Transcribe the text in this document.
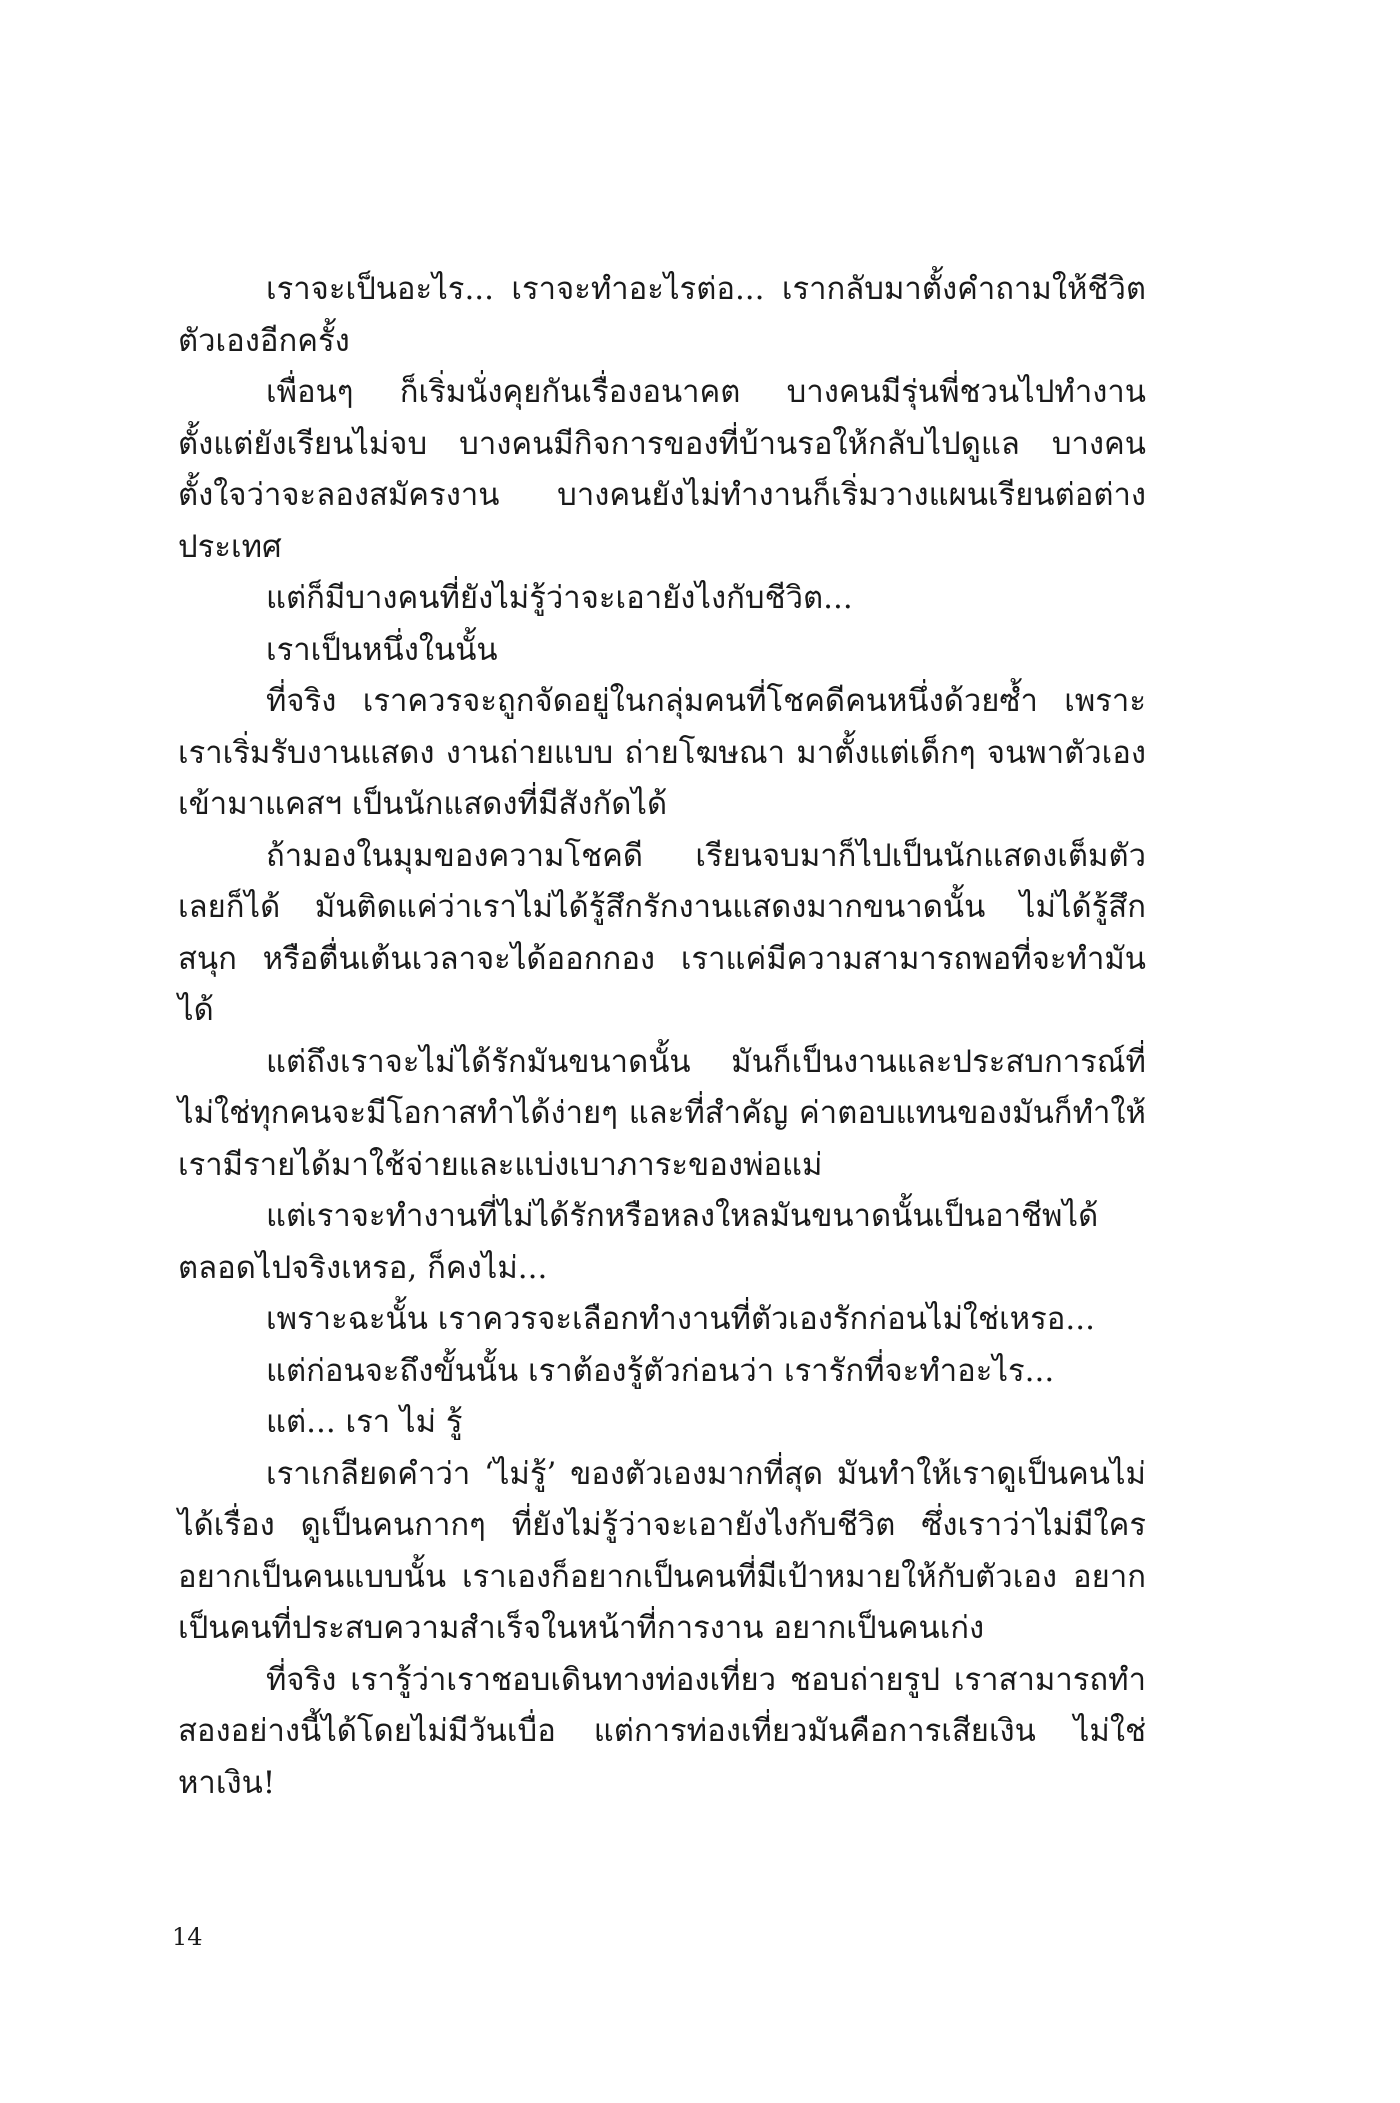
เราจะเป็นอะไร... เราจะทำอะไรต่อ... เรากลับมาตั้งคำถามให้ชีวิตตัวเองอีกครั้ง

เพื่อนๆ ก็เริ่มนั่งคุยกันเรื่องอนาคต บางคนมีรุ่นพี่ชวนไปทำงานตั้งแต่ยังเรียนไม่จบ บางคนมีกิจการของที่บ้านรอให้กลับไปดูแล บางคนตั้งใจว่าจะลองสมัครงาน บางคนยังไม่ทำงานก็เริ่มวางแผนเรียนต่อต่างประเทศ

แต่ก็มีบางคนที่ยังไม่รู้ว่าจะเอายังไงกับชีวิต...

เราเป็นหนึ่งในนั้น

ที่จริง เราควรจะถูกจัดอยู่ในกลุ่มคนที่โชคดีคนหนึ่งด้วยซ้ำ เพราะเราเริ่มรับงานแสดง งานถ่ายแบบ ถ่ายโฆษณา มาตั้งแต่เด็กๆ จนพาตัวเองเข้ามาแคสฯ เป็นนักแสดงที่มีสังกัดได้

ถ้ามองในมุมของความโชคดี เรียนจบมาก็ไปเป็นนักแสดงเต็มตัวเลยก็ได้ มันติดแค่ว่าเราไม่ได้รู้สึกรักงานแสดงมากขนาดนั้น ไม่ได้รู้สึกสนุก หรือตื่นเต้นเวลาจะได้ออกกอง เราแค่มีความสามารถพอที่จะทำมันได้

แต่ถึงเราจะไม่ได้รักมันขนาดนั้น มันก็เป็นงานและประสบการณ์ที่ไม่ใช่ทุกคนจะมีโอกาสทำได้ง่ายๆ และที่สำคัญ ค่าตอบแทนของมันก็ทำให้เรามีรายได้มาใช้จ่ายและแบ่งเบาภาระของพ่อแม่

แต่เราจะทำงานที่ไม่ได้รักหรือหลงใหลมันขนาดนั้นเป็นอาชีพได้ตลอดไปจริงเหรอ, ก็คงไม่...

เพราะฉะนั้น เราควรจะเลือกทำงานที่ตัวเองรักก่อนไม่ใช่เหรอ...

แต่ก่อนจะถึงขั้นนั้น เราต้องรู้ตัวก่อนว่า เรารักที่จะทำอะไร...

แต่... เรา ไม่ รู้

เราเกลียดคำว่า ‘ไม่รู้’ ของตัวเองมากที่สุด มันทำให้เราดูเป็นคนไม่ได้เรื่อง ดูเป็นคนกากๆ ที่ยังไม่รู้ว่าจะเอายังไงกับชีวิต ซึ่งเราว่าไม่มีใครอยากเป็นคนแบบนั้น เราเองก็อยากเป็นคนที่มีเป้าหมายให้กับตัวเอง อยากเป็นคนที่ประสบความสำเร็จในหน้าที่การงาน อยากเป็นคนเก่ง

ที่จริง เรารู้ว่าเราชอบเดินทางท่องเที่ยว ชอบถ่ายรูป เราสามารถทำสองอย่างนี้ได้โดยไม่มีวันเบื่อ แต่การท่องเที่ยวมันคือการเสียเงิน ไม่ใช่หาเงิน!

14
